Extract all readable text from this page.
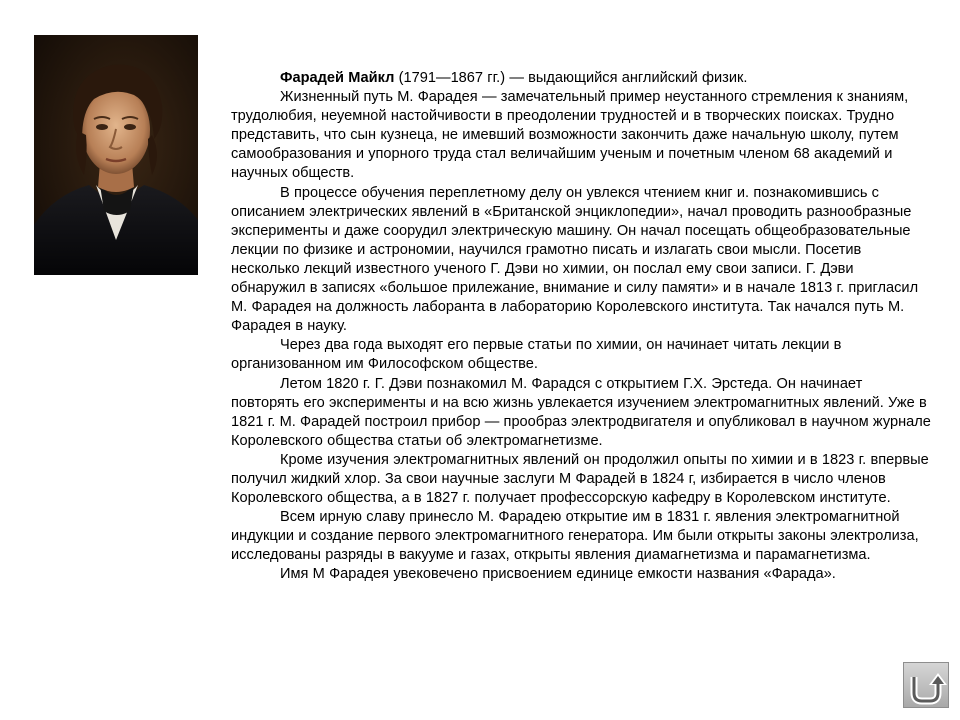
Фарадей Майкл (1791—1867 гг.) — выдающийся английский физик.

Жизненный путь М. Фарадея — замечательный пример неустанного стремления к знаниям, трудолюбия, неуемной настойчивости в преодолении трудностей и в творческих поисках. Трудно представить, что сын кузнеца, не имевший возможности закончить даже начальную школу, путем самообразования и упорного труда стал величайшим ученым и почетным членом 68 академий и научных обществ.

В процессе обучения переплетному делу он увлекся чтением книг и. познакомившись с описанием электрических явлений в «Британской энциклопедии», начал проводить разнообразные эксперименты и даже соорудил электрическую машину. Он начал посещать общеобразовательные лекции по физике и астрономии, научился грамотно писать и излагать свои мысли. Посетив несколько лекций известного ученого Г. Дэви но химии, он послал ему свои записи. Г. Дэви обнаружил в записях «большое прилежание, внимание и силу памяти» и в начале 1813 г. пригласил М. Фарадея на должность лаборанта в лабораторию Королевского института. Так начался путь М. Фарадея в науку.

Через два года выходят его первые статьи по химии, он начинает читать лекции в организованном им Философском обществе.

Летом 1820 г. Г. Дэви познакомил М. Фарадся с открытием Г.Х. Эрстеда. Он начинает повторять его эксперименты и на всю жизнь увлекается изучением электромагнитных явлений. Уже в 1821 г. М. Фарадей построил прибор — прообраз электродвигателя и опубликовал в научном журнале Королевского общества статьи об электромагнетизме.

Кроме изучения электромагнитных явлений он продолжил опыты по химии и в 1823 г. впервые получил жидкий хлор. За свои научные заслуги М Фарадей в 1824 г, избирается в число членов Королевского общества, а в 1827 г. получает профессорскую кафедру в Королевском институте.

Всем ирную славу принесло М. Фарадею открытие им в 1831 г. явления электромагнитной индукции и создание первого электромагнитного генератора. Им были открыты законы электролиза, исследованы разряды в вакууме и газах, открыты явления диамагнетизма и парамагнетизма.

Имя М Фарадея увековечено присвоением единице емкости названия «Фарада».
